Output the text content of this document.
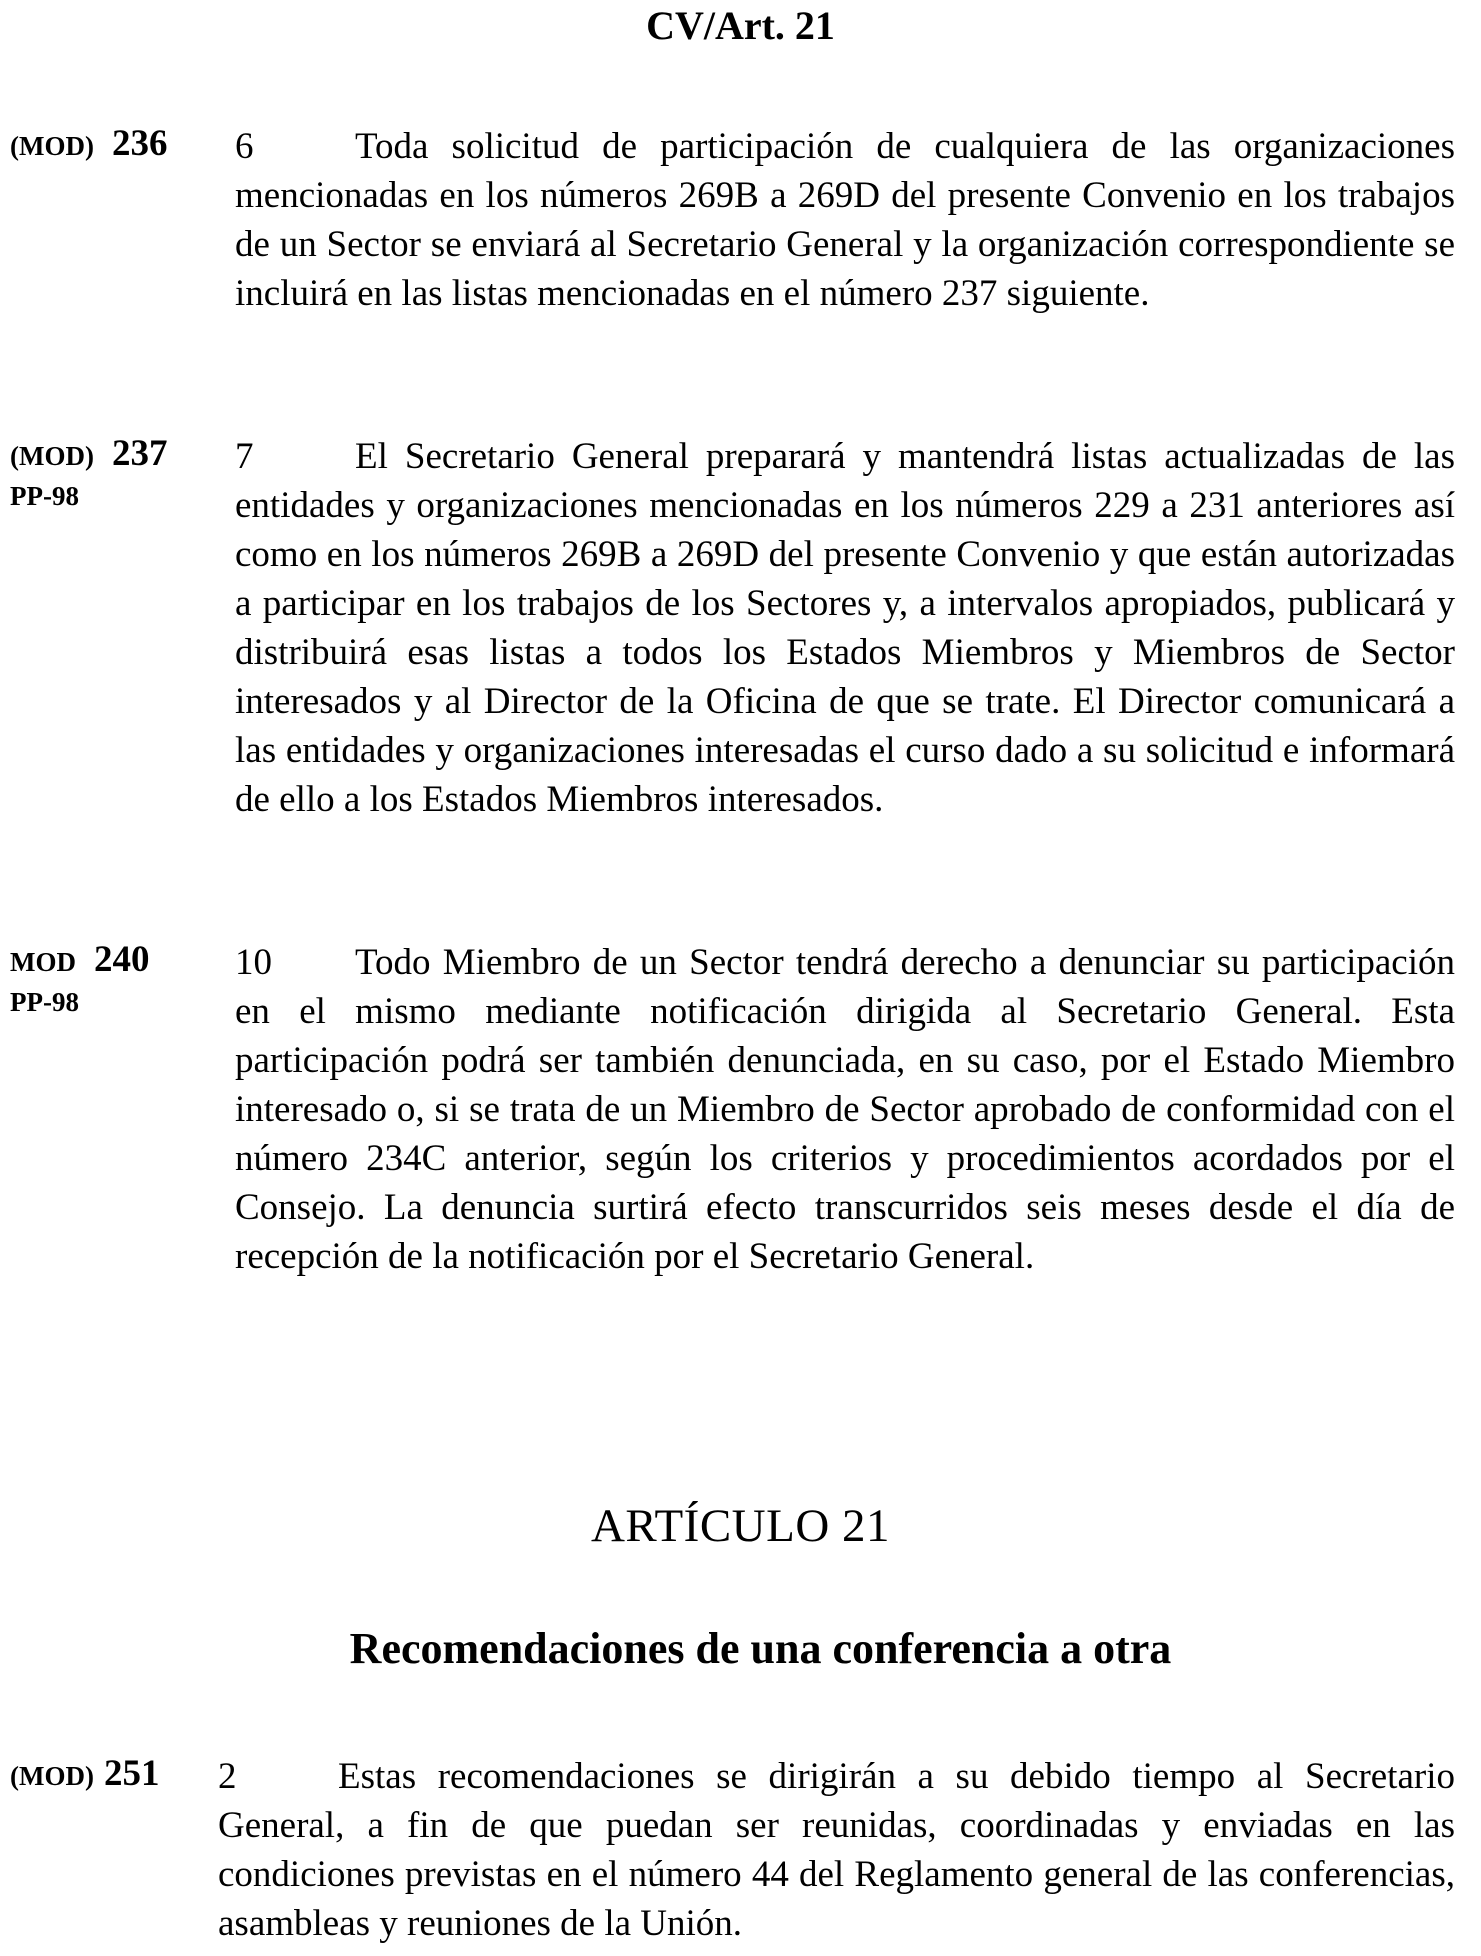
CV/Art. 21
(MOD) 236 6	Toda solicitud de participación de cualquiera de las organizaciones mencionadas en los números 269B a 269D del presente Convenio en los trabajos de un Sector se enviará al Secretario General y la organización correspondiente se incluirá en las listas mencionadas en el número 237 siguiente.
(MOD) 237
PP-98
7	El Secretario General preparará y mantendrá listas actualizadas de las entidades y organizaciones mencionadas en los números 229 a 231 anteriores así como en los números 269B a 269D del presente Convenio y que están autorizadas a participar en los trabajos de los Sectores y, a intervalos apropiados, publicará y distribuirá esas listas a todos los Estados Miembros y Miembros de Sector interesados y al Director de la Oficina de que se trate. El Director comunicará a las entidades y organizaciones interesadas el curso dado a su solicitud e informará de ello a los Estados Miembros interesados.
MOD 240
PP-98
10 Todo Miembro de un Sector tendrá derecho a denunciar su participación en el mismo mediante notificación dirigida al Secretario General. Esta participación podrá ser también denunciada, en su caso, por el Estado Miembro interesado o, si se trata de un Miembro de Sector aprobado de conformidad con el número 234C anterior, según los criterios y procedimientos acordados por el Consejo. La denuncia surtirá efecto transcurridos seis meses desde el día de recepción de la notificación por el Secretario General.
ARTÍCULO 21
Recomendaciones de una conferencia a otra
(MOD) 251 2	Estas recomendaciones se dirigirán a su debido tiempo al Secretario General, a fin de que puedan ser reunidas, coordinadas y enviadas en las condiciones previstas en el número 44 del Reglamento general de las conferencias, asambleas y reuniones de la Unión.
